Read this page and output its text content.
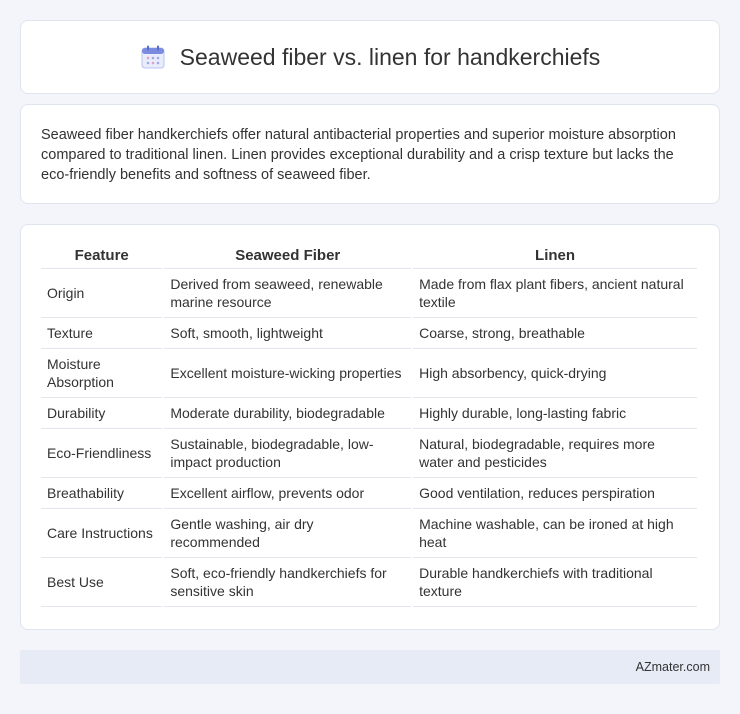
Seaweed fiber vs. linen for handkerchiefs

Seaweed fiber handkerchiefs offer natural antibacterial properties and superior moisture absorption compared to traditional linen. Linen provides exceptional durability and a crisp texture but lacks the eco-friendly benefits and softness of seaweed fiber.

Feature	Seaweed Fiber	Linen
Origin	Derived from seaweed, renewable marine resource	Made from flax plant fibers, ancient natural textile
Texture	Soft, smooth, lightweight	Coarse, strong, breathable
Moisture Absorption	Excellent moisture-wicking properties	High absorbency, quick-drying
Durability	Moderate durability, biodegradable	Highly durable, long-lasting fabric
Eco-Friendliness	Sustainable, biodegradable, low-impact production	Natural, biodegradable, requires more water and pesticides
Breathability	Excellent airflow, prevents odor	Good ventilation, reduces perspiration
Care Instructions	Gentle washing, air dry recommended	Machine washable, can be ironed at high heat
Best Use	Soft, eco-friendly handkerchiefs for sensitive skin	Durable handkerchiefs with traditional texture
AZmater.com
